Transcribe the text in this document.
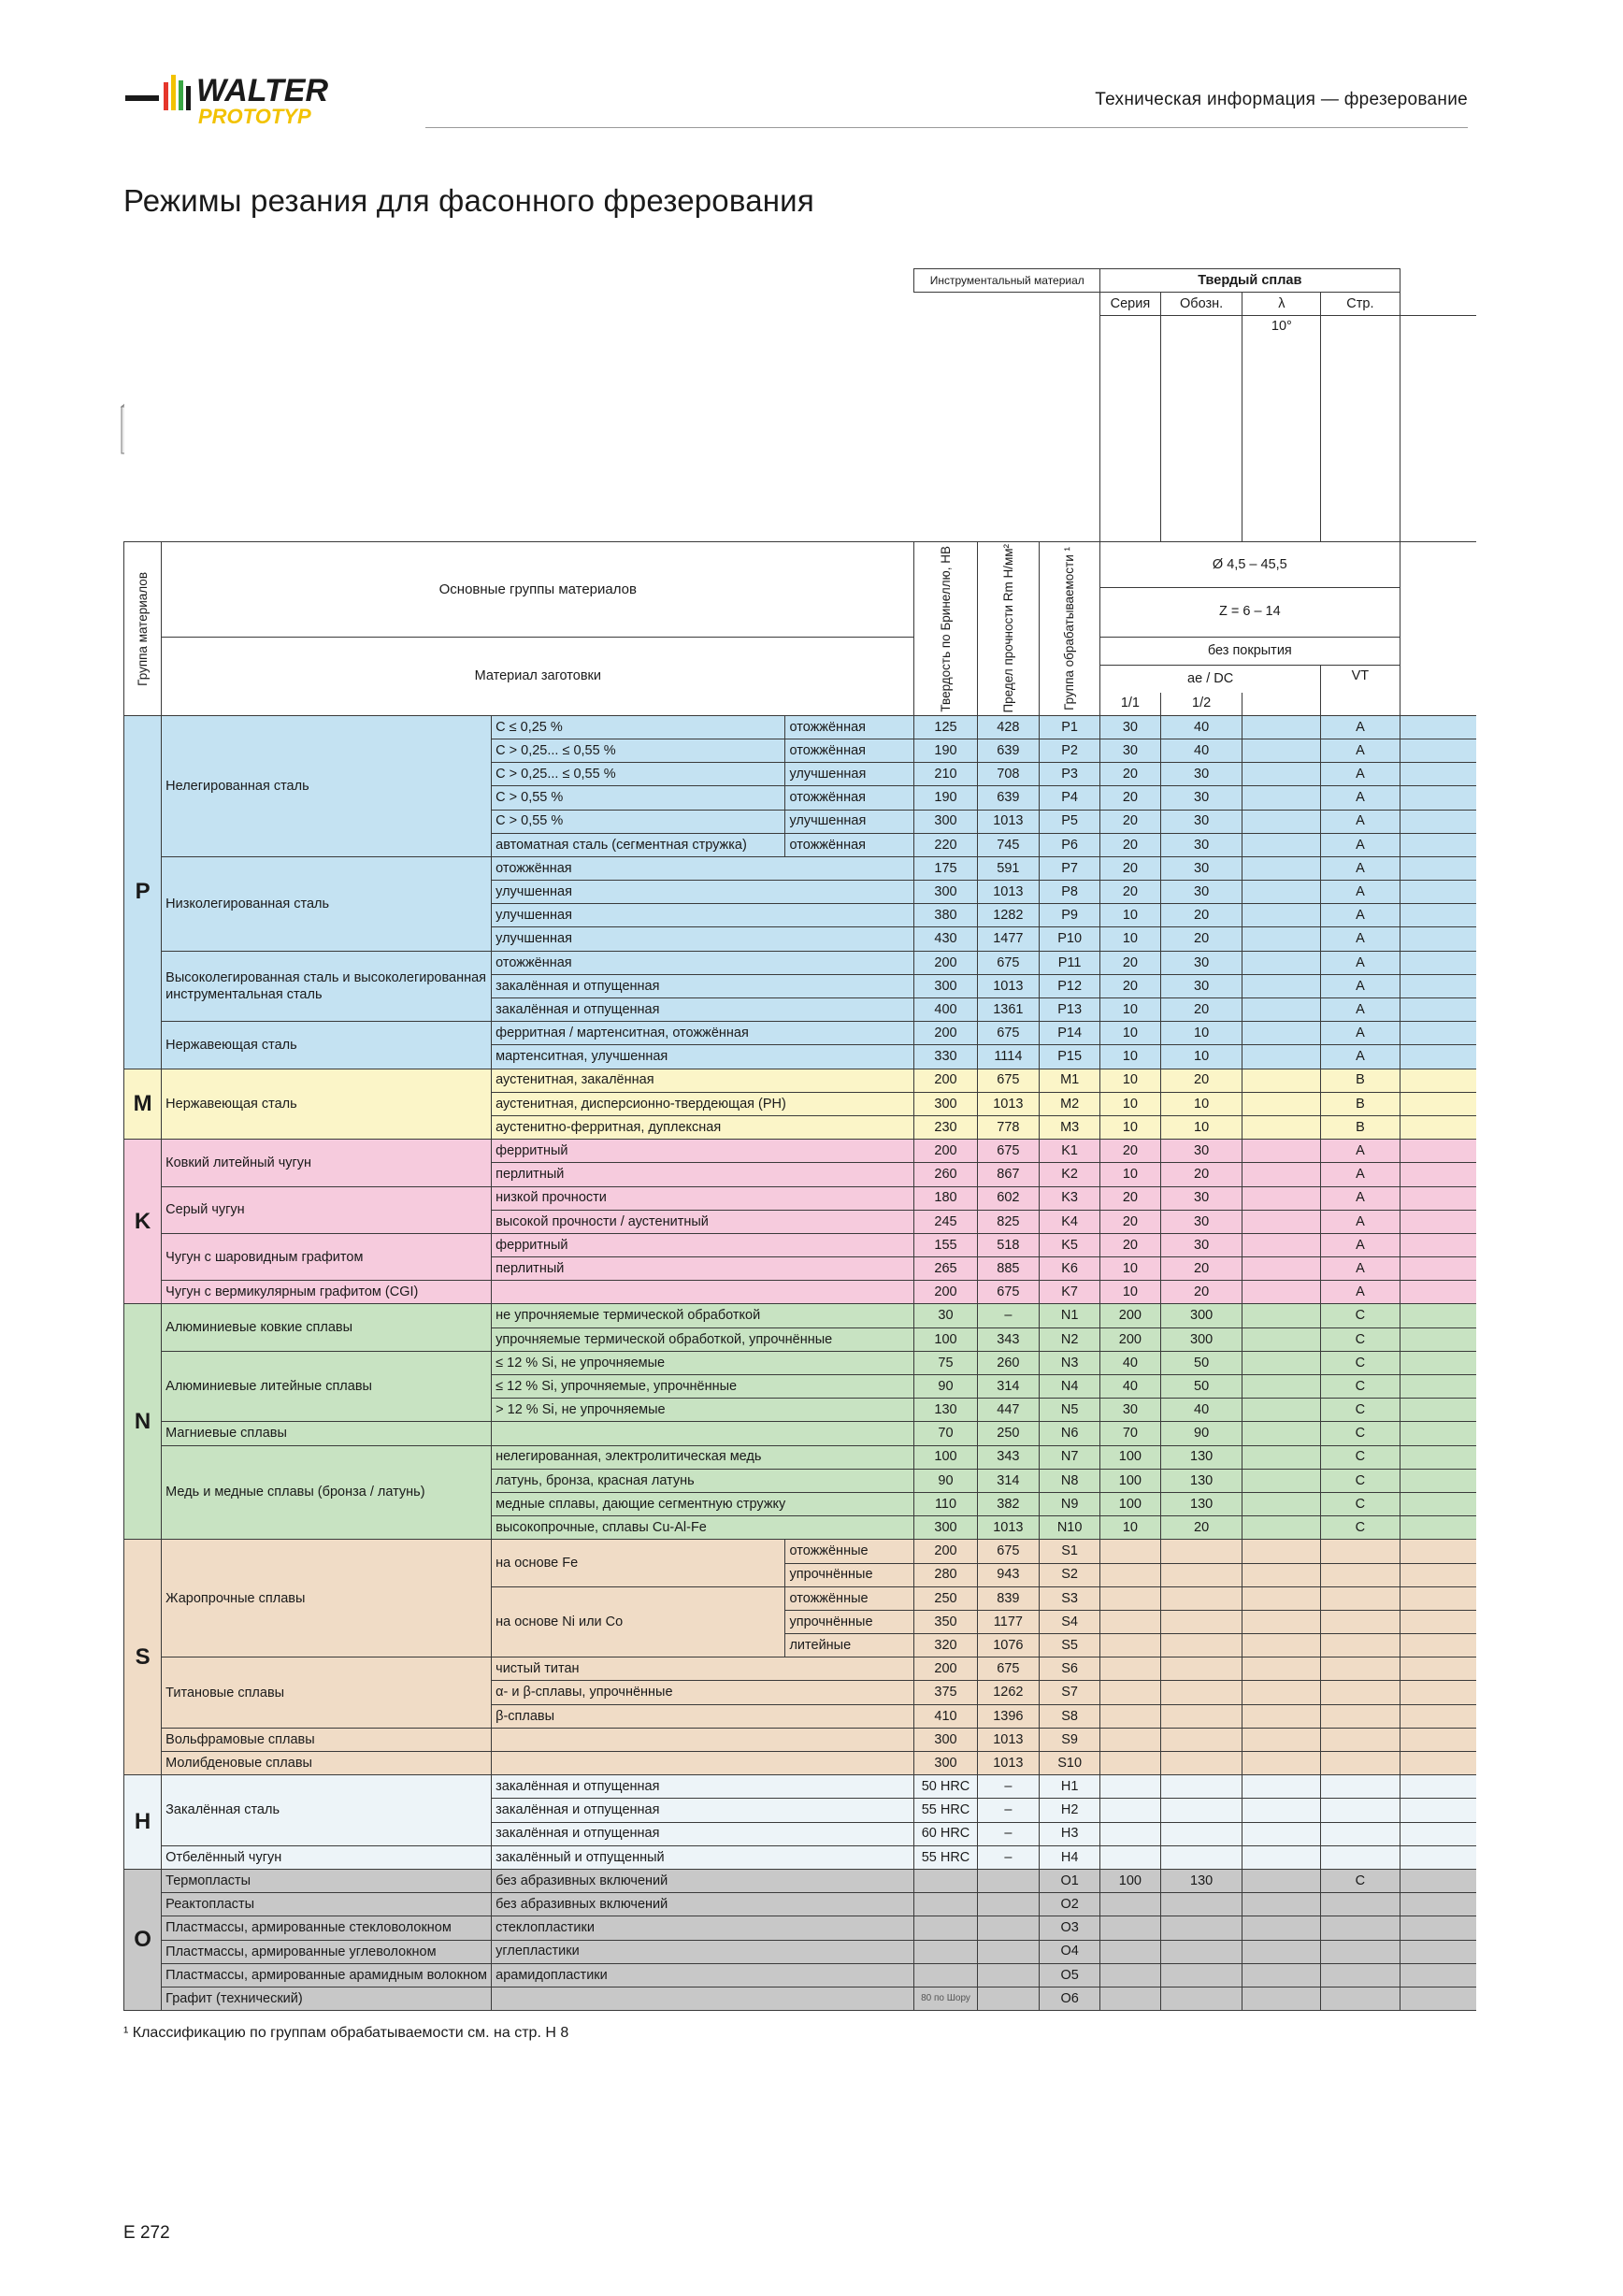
WALTER
PROTOTYP
Техническая информация — фрезерование
Режимы резания для фасонного фрезерования
				Инструментальный материал			Твердый сплав					
							Серия	Обозн.	λ	Стр.		

								10°	

Группа материалов	Основные группы материалов			Твердость по Бринеллю, HB	Предел прочности Rm Н/мм²	Группа обрабатываемости ¹	Ø 4,5 – 45,5					

							Z = 6 – 14					

	Материал заготовки						без покрытия					
							aе / DC			VT		
							1/1	1/2				
P	Нелегированная сталь	C ≤ 0,25 %	отожжённая	125	428	P1	30	40		A		
		C > 0,25... ≤ 0,55 %	отожжённая	190	639	P2	30	40		A		
		C > 0,25... ≤ 0,55 %	улучшенная	210	708	P3	20	30		A		
		C > 0,55 %	отожжённая	190	639	P4	20	30		A		
		C > 0,55 %	улучшенная	300	1013	P5	20	30		A		
		автоматная сталь (сегментная стружка)	отожжённая	220	745	P6	20	30		A		
	Низколегированная сталь	отожжённая		175	591	P7	20	30		A		
		улучшенная		300	1013	P8	20	30		A		
		улучшенная		380	1282	P9	10	20		A		
		улучшенная		430	1477	P10	10	20		A		
	Высоколегированная сталь и высоколегированная инструментальная сталь	отожжённая		200	675	P11	20	30		A		
		закалённая и отпущенная		300	1013	P12	20	30		A		
		закалённая и отпущенная		400	1361	P13	10	20		A		
	Нержавеющая сталь	ферритная / мартенситная, отожжённая		200	675	P14	10	10		A		
		мартенситная, улучшенная		330	1114	P15	10	10		A		
M	Нержавеющая сталь	аустенитная, закалённая		200	675	M1	10	20		B		
		аустенитная, дисперсионно-твердеющая (PH)		300	1013	M2	10	10		B		
		аустенитно-ферритная, дуплексная		230	778	M3	10	10		B		
K	Ковкий литейный чугун	ферритный		200	675	K1	20	30		A		
		перлитный		260	867	K2	10	20		A		
	Серый чугун	низкой прочности		180	602	K3	20	30		A		
		высокой прочности / аустенитный		245	825	K4	20	30		A		
	Чугун с шаровидным графитом	ферритный		155	518	K5	20	30		A		
		перлитный		265	885	K6	10	20		A		
	Чугун с вермикулярным графитом (CGI)			200	675	K7	10	20		A		
N	Алюминиевые ковкие сплавы	не упрочняемые термической обработкой		30	–	N1	200	300		C		
		упрочняемые термической обработкой, упрочнённые		100	343	N2	200	300		C		
	Алюминиевые литейные сплавы	≤ 12 % Si, не упрочняемые		75	260	N3	40	50		C		
		≤ 12 % Si, упрочняемые, упрочнённые		90	314	N4	40	50		C		
		> 12 % Si, не упрочняемые		130	447	N5	30	40		C		
	Магниевые сплавы			70	250	N6	70	90		C		
	Медь и медные сплавы (бронза / латунь)	нелегированная, электролитическая медь		100	343	N7	100	130		C		
		латунь, бронза, красная латунь		90	314	N8	100	130		C		
		медные сплавы, дающие сегментную стружку		110	382	N9	100	130		C		
		высокопрочные, сплавы Cu-Al-Fe		300	1013	N10	10	20		C		
S	Жаропрочные сплавы	на основе Fe	отожжённые	200	675	S1						
			упрочнённые	280	943	S2						
		на основе Ni или Co	отожжённые	250	839	S3						
			упрочнённые	350	1177	S4						
			литейные	320	1076	S5						
	Титановые сплавы	чистый титан		200	675	S6						
		α- и β-сплавы, упрочнённые		375	1262	S7						
		β-сплавы		410	1396	S8						
	Вольфрамовые сплавы			300	1013	S9						
	Молибденовые сплавы			300	1013	S10						
H	Закалённая сталь	закалённая и отпущенная		50 HRC	–	H1						
		закалённая и отпущенная		55 HRC	–	H2						
		закалённая и отпущенная		60 HRC	–	H3						
	Отбелённый чугун	закалённый и отпущенный		55 HRC	–	H4						
O	Термопласты	без абразивных включений				O1	100	130		C		
	Реактопласты	без абразивных включений				O2						
	Пластмассы, армированные стекловолокном	стеклопластики				O3						
	Пластмассы, армированные углеволокном	углепластики				O4						
	Пластмассы, армированные арамидным волокном	арамидопластики				O5						
	Графит (технический)			80 по Шору		O6						
¹ Классификацию по группам обрабатываемости см. на стр. H 8
E 272
